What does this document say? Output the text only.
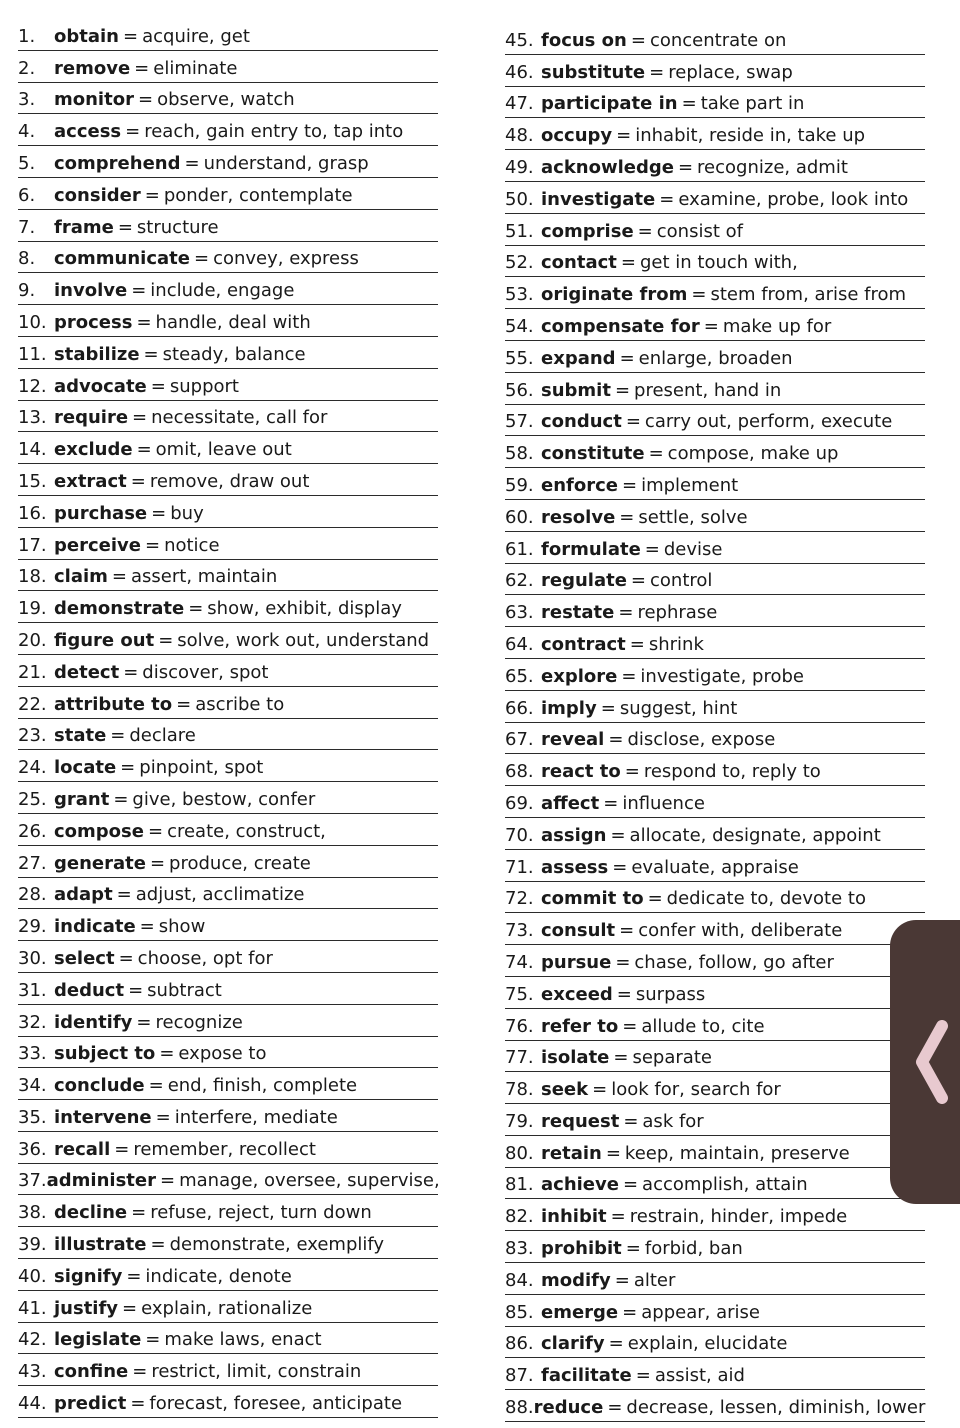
1.	obtain = acquire, get
2.	remove = eliminate
3.	monitor = observe, watch
4.	access = reach, gain entry to, tap into
5.	comprehend = understand, grasp
6.	consider = ponder, contemplate
7.	frame = structure
8.	communicate = convey, express
9.	involve = include, engage
10. process = handle, deal with
11. stabilize = steady, balance
12. advocate = support
13. require = necessitate, call for
14. exclude = omit, leave out
15. extract = remove, draw out
16. purchase = buy
17. perceive = notice
18. claim = assert, maintain
19. demonstrate = show, exhibit, display
20. figure out = solve, work out, understand
21. detect = discover, spot
22. attribute to = ascribe to
23. state = declare
24. locate = pinpoint, spot
25. grant = give, bestow, confer
26. compose = create, construct,
27. generate = produce, create
28. adapt = adjust, acclimatize
29. indicate = show
30. select = choose, opt for
31. deduct = subtract
32. identify = recognize
33. subject to = expose to
34. conclude = end, finish, complete
35. intervene = interfere, mediate
36. recall = remember, recollect
37. administer = manage, oversee, supervise,
38. decline = refuse, reject, turn down
39. illustrate = demonstrate, exemplify
40. signify = indicate, denote
41. justify = explain, rationalize
42. legislate = make laws, enact
43. confine = restrict, limit, constrain
44. predict = forecast, foresee, anticipate
45. focus on = concentrate on
46. substitute = replace, swap
47. participate in = take part in
48. occupy = inhabit, reside in, take up
49. acknowledge = recognize, admit
50. investigate = examine, probe, look into
51. comprise = consist of
52. contact = get in touch with,
53. originate from = stem from, arise from
54. compensate for = make up for
55. expand = enlarge, broaden
56. submit = present, hand in
57. conduct = carry out, perform, execute
58. constitute = compose, make up
59. enforce = implement
60. resolve = settle, solve
61. formulate = devise
62. regulate = control
63. restate = rephrase
64. contract = shrink
65. explore = investigate, probe
66. imply = suggest, hint
67. reveal = disclose, expose
68. react to = respond to, reply to
69. affect = influence
70. assign = allocate, designate, appoint
71. assess = evaluate, appraise
72. commit to = dedicate to, devote to
73. consult = confer with, deliberate
74. pursue = chase, follow, go after
75. exceed = surpass
76. refer to = allude to, cite
77. isolate = separate
78. seek = look for, search for
79. request = ask for
80. retain = keep, maintain, preserve
81. achieve = accomplish, attain
82. inhibit = restrain, hinder, impede
83. prohibit = forbid, ban
84. modify = alter
85. emerge = appear, arise
86. clarify = explain, elucidate
87. facilitate = assist, aid
88. reduce = decrease, lessen, diminish, lower
